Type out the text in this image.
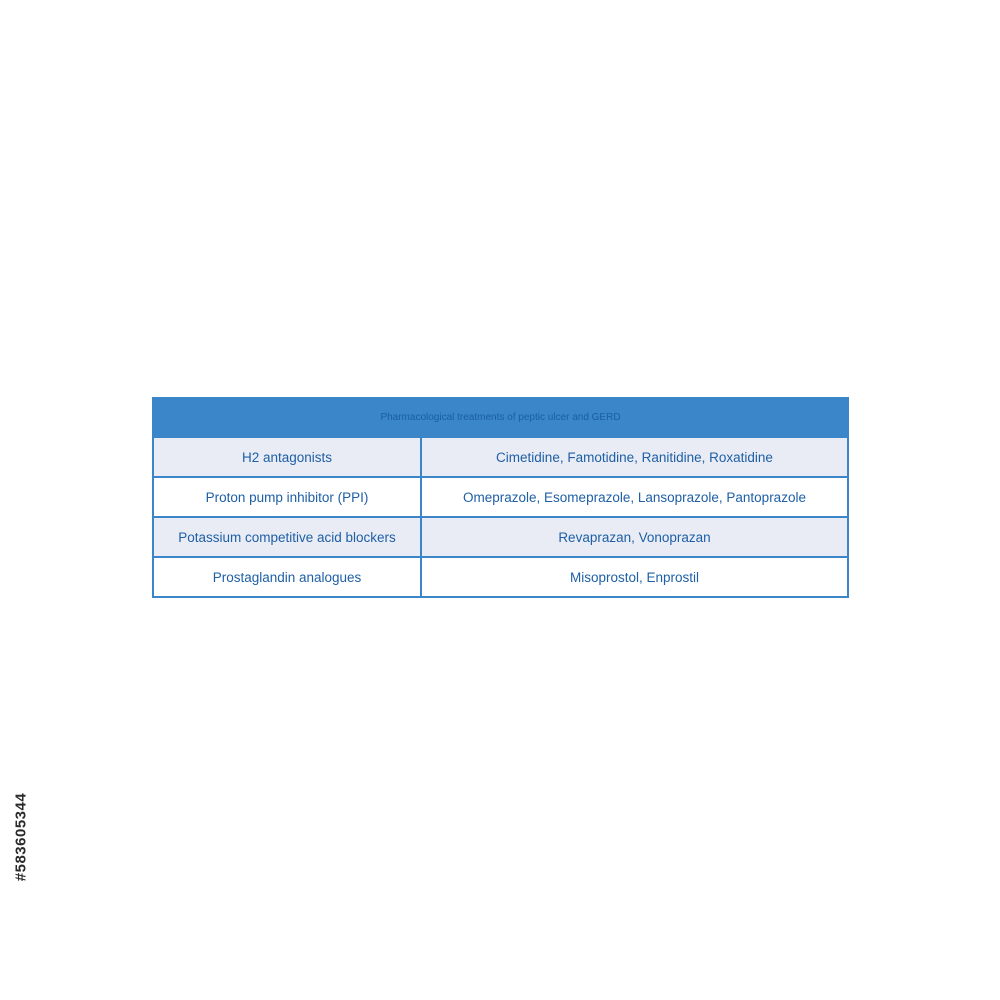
Pharmacological treatments of peptic ulcer and GERD	
H2 antagonists	Cimetidine, Famotidine, Ranitidine, Roxatidine
Proton pump inhibitor (PPI)	Omeprazole, Esomeprazole, Lansoprazole, Pantoprazole
Potassium competitive acid blockers	Revaprazan, Vonoprazan
Prostaglandin analogues	Misoprostol, Enprostil
#583605344
